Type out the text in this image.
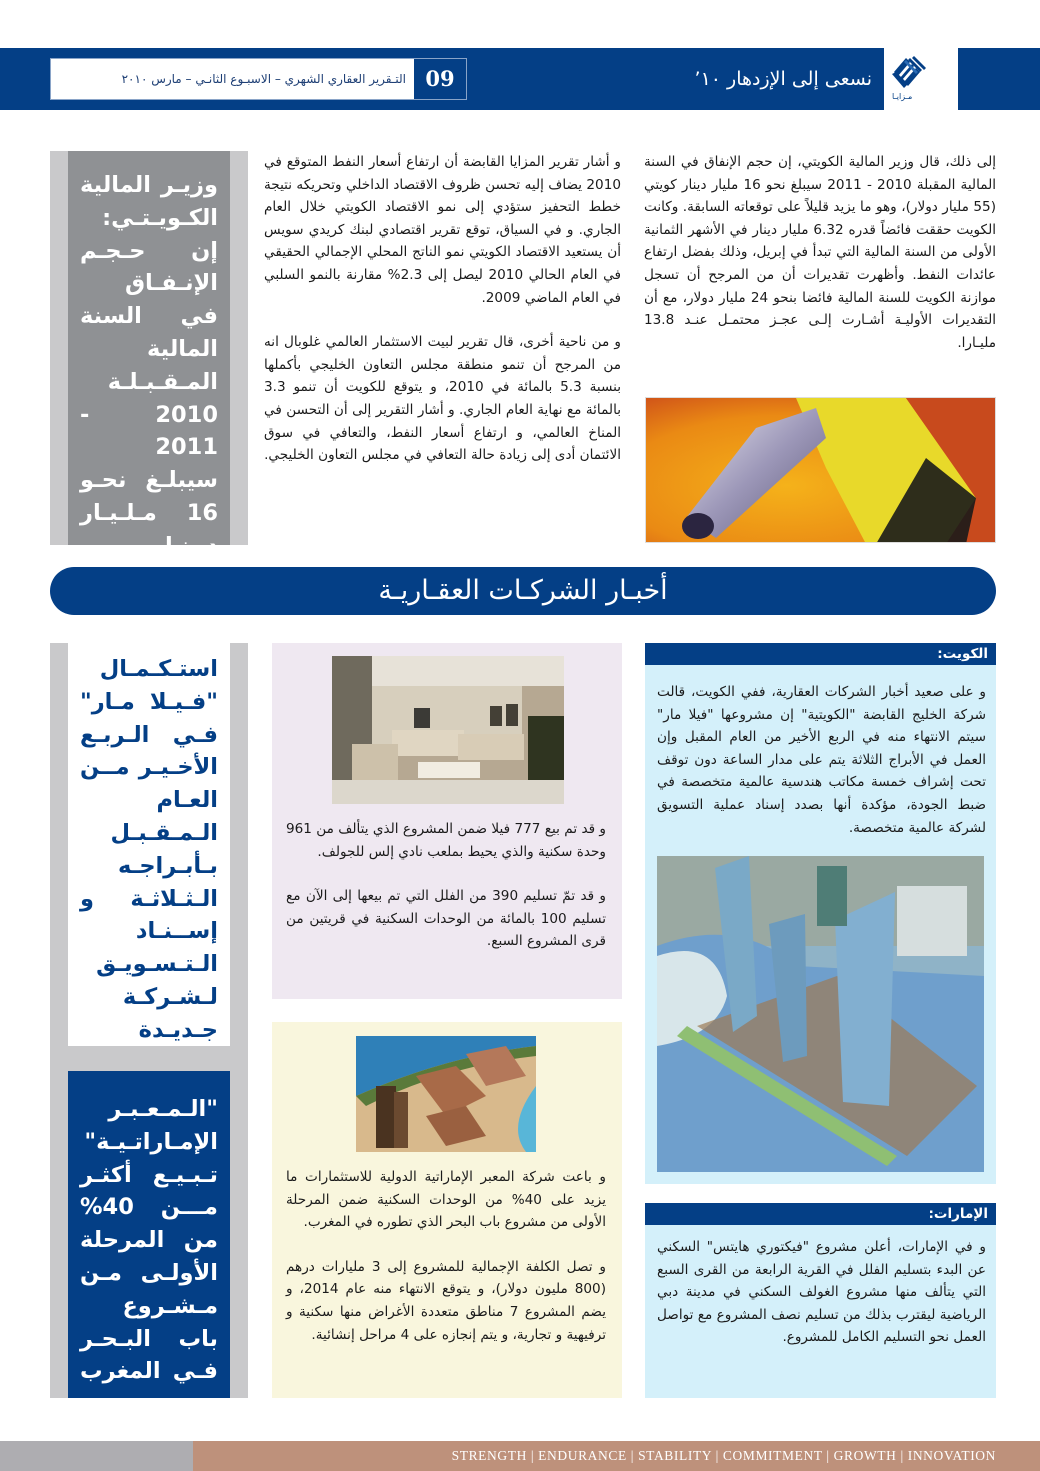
مـزايـا
نسعى إلى الإزدهار ١٠’
التـقرير العقاري الشهري – الاسبـوع الثانـي – مارس ٢٠١٠ 09

إلى ذلك، قال وزير المالية الكويتي، إن حجم الإنفاق في السنة المالية المقبلة 2010 - 2011 سيبلغ نحو 16 مليار دينار كويتي (55 مليار دولار)، وهو ما يزيد قليلاً على توقعاته السابقة. وكانت الكويت حققت فائضاً قدره 6.32 مليار دينار في الأشهر الثمانية الأولى من السنة المالية التي تبدأ في إبريل، وذلك بفضل ارتفاع عائدات النفط. وأظهرت تقديرات أن من المرجح أن تسجل موازنة الكويت للسنة المالية فائضا بنحو 24 مليار دولار، مع أن التقديرات الأوليـة أشـارت إلـى عجـز محتمـل عنـد 13.8 مليـارا.

و أشار تقرير المزايا القابضة أن ارتفاع أسعار النفط المتوقع في 2010 يضاف إليه تحسن ظروف الاقتصاد الداخلي وتحريكه نتيجة خطط التحفيز ستؤدي إلى نمو الاقتصاد الكويتي خلال العام الجاري. و في السياق، توقع تقرير اقتصادي لبنك كريدي سويس أن يستعيد الاقتصاد الكويتي نمو الناتج المحلي الإجمالي الحقيقي في العام الحالي 2010 ليصل إلى 2.3% مقارنة بالنمو السلبي في العام الماضي 2009.

و من ناحية أخرى، قال تقرير لبيت الاستثمار العالمي غلوبال انه من المرجح أن تنمو منطقة مجلس التعاون الخليجي بأكملها بنسبة 5.3 بالمائة في 2010، و يتوقع للكويت أن تنمو 3.3 بالمائة مع نهاية العام الجاري. و أشار التقرير إلى أن التحسن في المناخ العالمي، و ارتفاع أسعار النفط، والتعافي في سوق الائتمان أدى إلى زيادة حالة التعافي في مجلس التعاون الخليجي.

وزيـر المالية الكـويـتـي: إن حـجـم الإنـفـاق في السنة المالية المـقـبـلـة 2010 - 2011 سيبلـغ نحـو 16 مـلـيـار ديـنـار
أخبـار الشركـات العقـاريـة
الكويت:
و على صعيد أخبار الشركات العقارية، ففي الكويت، قالت شركة الخليج القابضة "الكويتية" إن مشروعها "فيلا مار" سيتم الانتهاء منه في الربع الأخير من العام المقبل وإن العمل في الأبراج الثلاثة يتم على مدار الساعة دون توقف تحت إشراف خمسة مكاتب هندسية عالمية متخصصة في ضبط الجودة، مؤكدة أنها بصدد إسناد عملية التسويق لشركة عالمية متخصصة.
الإمارات:
و في الإمارات، أعلن مشروع "فيكتوري هايتس" السكني عن البدء بتسليم الفلل في القرية الرابعة من القرى السبع التي يتألف منها مشروع الغولف السكني في مدينة دبي الرياضية ليقترب بذلك من تسليم نصف المشروع مع تواصل العمل نحو التسليم الكامل للمشروع.

و قد تم بيع 777 فيلا ضمن المشروع الذي يتألف من 961 وحدة سكنية والذي يحيط بملعب نادي إلس للجولف.

و قد تمّ تسليم 390 من الفلل التي تم بيعها إلى الآن مع تسليم 100 بالمائة من الوحدات السكنية في قريتين من قرى المشروع السبع.

و باعت شركة المعبر الإماراتية الدولية للاستثمارات ما يزيد على 40% من الوحدات السكنية ضمن المرحلة الأولى من مشروع باب البحر الذي تطوره في المغرب.

و تصل الكلفة الإجمالية للمشروع إلى 3 مليارات درهم (800 مليون دولار)، و يتوقع الانتهاء منه عام 2014، و يضم المشروع 7 مناطق متعددة الأغراض منها سكنية و ترفيهية و تجارية، و يتم إنجازه على 4 مراحل إنشائية.

استـكـمـال "فـيـلا مـار" فـي الـربـع الأخـيـر مــن العـام الـمـقـبـل بـأبـراجـه الـثـلاثـة و إســنـاد الـتـسـويـق لـشـركـة جـديـدة
"الـمـعـبـر الإمـاراتـيـة" تـبـيـع أكثـر مـــن 40% من المرحلة الأولـى مـن مـشـروع باب البـحـر فـي المغرب
STRENGTH | ENDURANCE | STABILITY | COMMITMENT | GROWTH | INNOVATION
